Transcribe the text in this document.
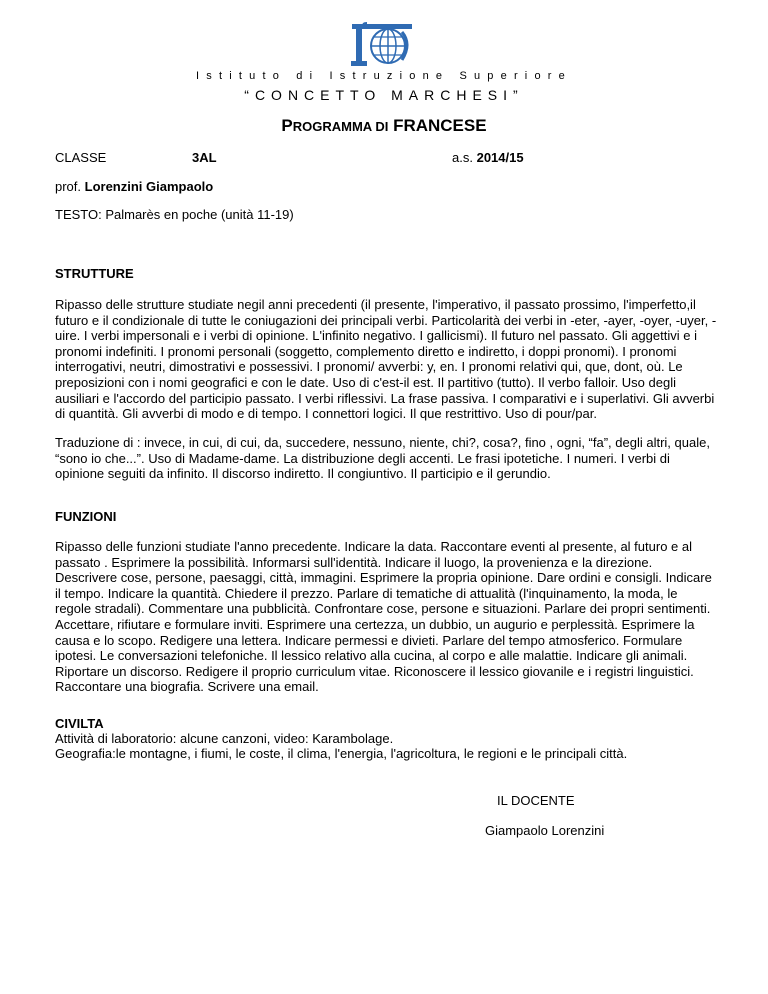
Istituto di Istruzione Superiore
“CONCETTO MARCHESI”
PROGRAMMA DI FRANCESE
CLASSE	3AL	a.s. 2014/15
prof. Lorenzini Giampaolo
TESTO: Palmarès en poche (unità 11-19)
STRUTTURE
Ripasso delle strutture studiate negil anni precedenti (il presente, l'imperativo, il passato prossimo, l'imperfetto,il futuro e il condizionale di tutte le coniugazioni dei principali verbi. Particolarità dei verbi in -eter, -ayer, -oyer, -uyer, -uire. I verbi impersonali e i verbi di opinione. L'infinito negativo. I gallicismi). Il futuro nel passato. Gli aggettivi e i pronomi indefiniti. I pronomi personali (soggetto, complemento diretto e indiretto, i doppi pronomi). I pronomi interrogativi, neutri, dimostrativi e possessivi. I pronomi/ avverbi: y, en. I pronomi relativi qui, que, dont, où. Le preposizioni con i nomi geografici e con le date. Uso di c'est-il est. Il partitivo (tutto). Il verbo falloir. Uso degli ausiliari e l'accordo del participio passato. I verbi riflessivi. La frase passiva. I comparativi e i superlativi. Gli avverbi di quantità. Gli avverbi di modo e di tempo. I connettori logici. Il que restrittivo. Uso di pour/par.
Traduzione di : invece, in cui, di cui, da, succedere, nessuno, niente, chi?, cosa?, fino , ogni, “fa”, degli altri, quale, “sono io che...”. Uso di Madame-dame. La distribuzione degli accenti. Le frasi ipotetiche. I numeri. I verbi di opinione seguiti da infinito. Il discorso indiretto. Il congiuntivo. Il participio e il gerundio.
FUNZIONI
Ripasso delle funzioni studiate l'anno precedente. Indicare la data. Raccontare eventi al presente, al futuro e al passato . Esprimere la possibilità. Informarsi sull'identità. Indicare il luogo, la provenienza e la direzione. Descrivere cose, persone, paesaggi, città, immagini. Esprimere la propria opinione. Dare ordini e consigli. Indicare il tempo. Indicare la quantità. Chiedere il prezzo. Parlare di tematiche di attualità (l'inquinamento, la moda, le regole stradali). Commentare una pubblicità. Confrontare cose, persone e situazioni. Parlare dei propri sentimenti. Accettare, rifiutare e formulare inviti. Esprimere una certezza, un dubbio, un augurio e perplessità. Esprimere la causa e lo scopo. Redigere una lettera. Indicare permessi e divieti. Parlare del tempo atmosferico. Formulare ipotesi. Le conversazioni telefoniche. Il lessico relativo alla cucina, al corpo e alle malattie. Indicare gli animali. Riportare un discorso. Redigere il proprio curriculum vitae. Riconoscere il lessico giovanile e i registri linguistici. Raccontare una biografia. Scrivere una email.
CIVILTA
Attività di laboratorio: alcune canzoni, video: Karambolage.
Geografia:le montagne, i fiumi, le coste, il clima, l'energia, l'agricoltura, le regioni e le principali città.
IL DOCENTE
Giampaolo Lorenzini
